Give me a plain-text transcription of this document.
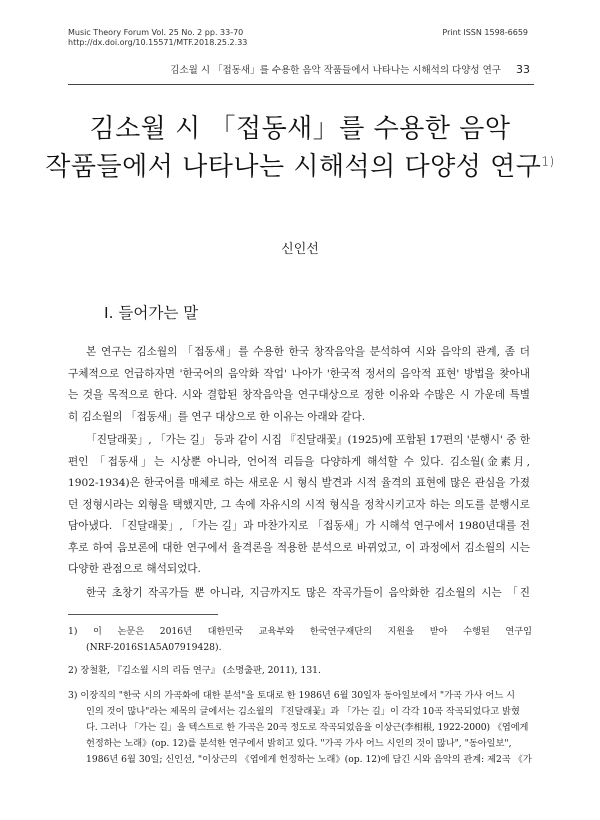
Music Theory Forum Vol. 25 No. 2 pp. 33-70
http://dx.doi.org/10.15571/MTF.2018.25.2.33
Print ISSN 1598-6659
김소월 시 「접동새」를 수용한 음악 작품들에서 나타나는 시해석의 다양성 연구 33
김소월 시 「접동새」를 수용한 음악
작품들에서 나타나는 시해석의 다양성 연구$^{1)}$
신인선
I. 들어가는 말
본 연구는 김소월의 「접동새」를 수용한 한국 창작음악을 분석하여 시와 음악의 관계, 좀 더
구체적으로 언급하자면 '한국어의 음악화 작업' 나아가 '한국적 정서의 음악적 표현' 방법을 찾아내
는 것을 목적으로 한다. 시와 결합된 창작음악을 연구대상으로 정한 이유와 수많은 시 가운데 특별
히 김소월의 「접동새」를 연구 대상으로 한 이유는 아래와 같다.
「진달래꽃」, 「가는 길」 등과 같이 시집 『진달래꽃』(1925)에 포함된 17편의 '분행시' 중 한
편인 「접동새」는 시상뿐 아니라, 언어적 리듬을 다양하게 해석할 수 있다. 김소월(金素月,
1902-1934)은 한국어를 매체로 하는 새로운 시 형식 발견과 시적 율격의 표현에 많은 관심을 가졌
던 정형시라는 외형을 택했지만, 그 속에 자유시의 시적 형식을 정착시키고자 하는 의도를 분행시로
담아냈다. 「진달래꽃」, 「가는 길」과 마찬가지로 「접동새」가 시해석 연구에서 1980년대를 전
후로 하여 음보론에 대한 연구에서 율격론을 적용한 분석으로 바뀌었고, 이 과정에서 김소월의 시는
다양한 관점으로 해석되었다.
한국 초창기 작곡가들 뿐 아니라, 지금까지도 많은 작곡가들이 음악화한 김소월의 시는 「진
1) 이 논문은 2016년 대한민국 교육부와 한국연구재단의 지원을 받아 수행된 연구임
(NRF-2016S1A5A07919428).
2) 장철환, 『김소월 시의 리듬 연구』 (소명출판, 2011), 131.
3) 이장직의 "한국 시의 가곡화에 대한 분석"을 토대로 한 1986년 6월 30일자 동아일보에서 "가곡 가사 어느 시
인의 것이 많나"라는 제목의 글에서는 김소월의 『진달래꽃』과 「가는 길」이 각각 10곡 작곡되었다고 밝혔
다. 그러나 「가는 길」을 텍스트로 한 가곡은 20곡 정도로 작곡되었음을 이상근(李相根, 1922-2000) 《엽에게
헌정하는 노래》(op. 12)를 분석한 연구에서 밝히고 있다. "가곡 가사 어느 시인의 것이 많나", "동아일보",
1986년 6월 30일; 신인선, "이상근의 《엽에게 헌정하는 노래》(op. 12)에 담긴 시와 음악의 관계: 제2곡 《가
